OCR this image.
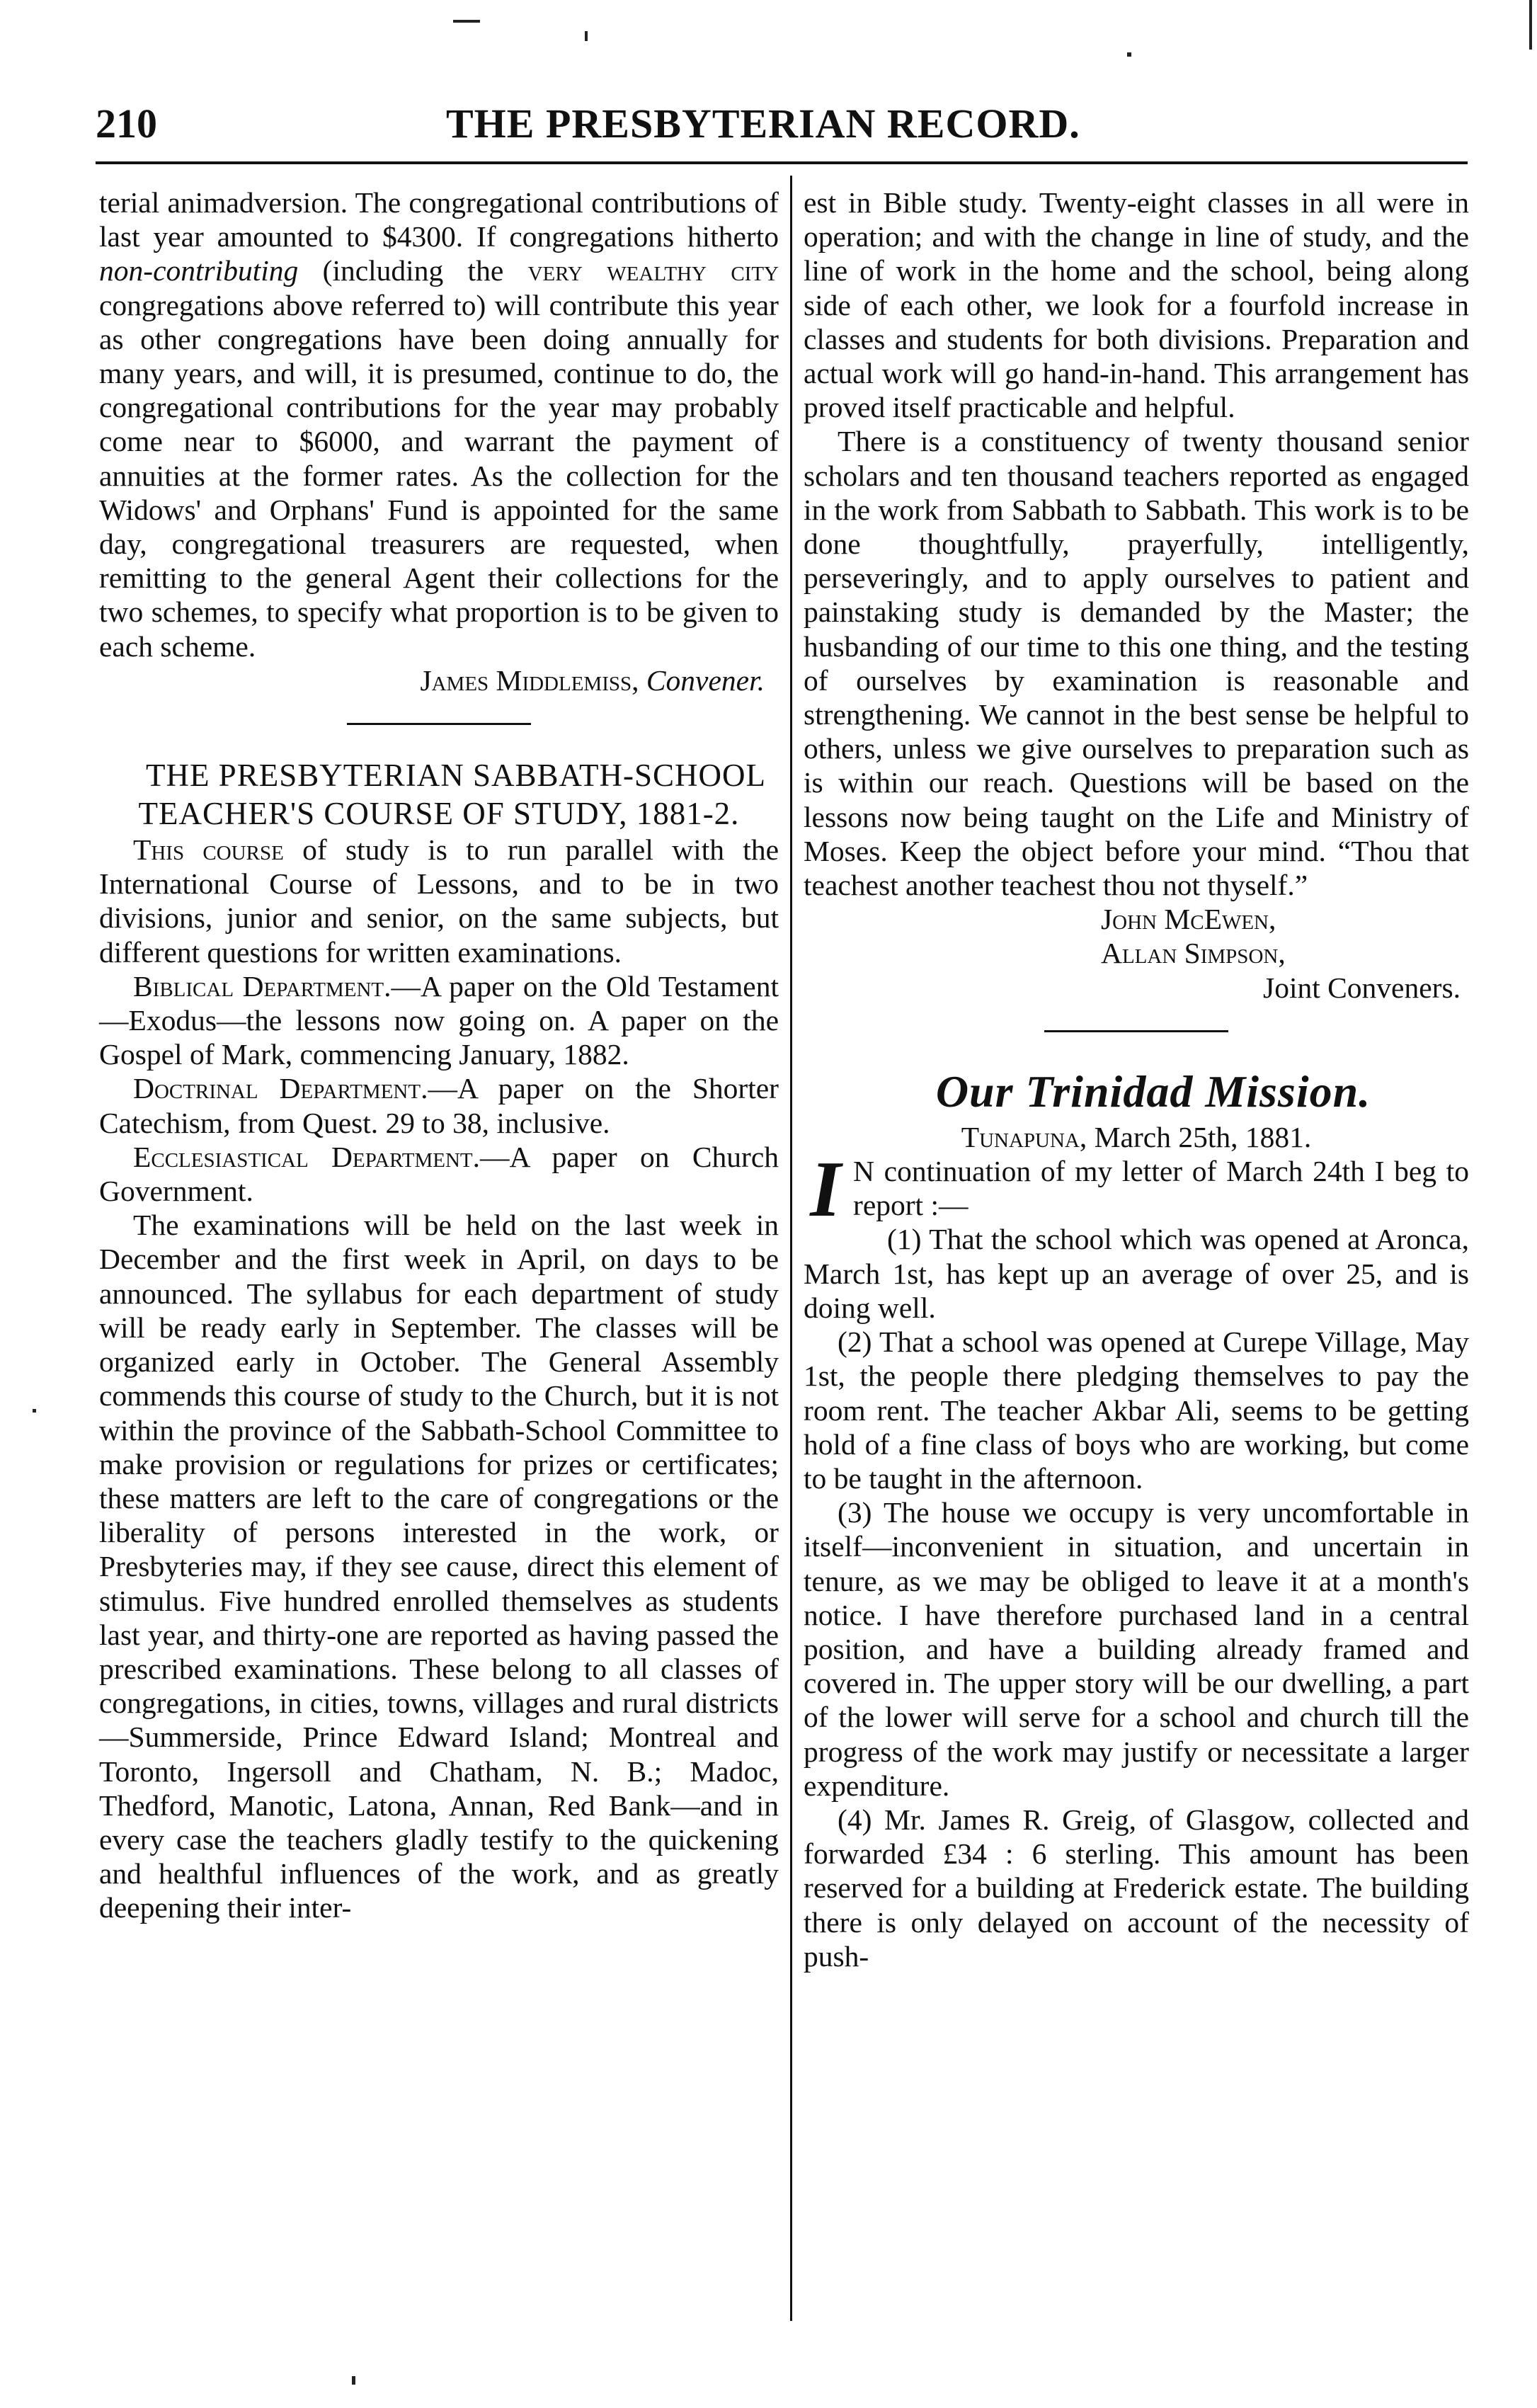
210	THE PRESBYTERIAN RECORD.

terial animadversion. The congregational contributions of last year amounted to $4300. If congregations hitherto non-contributing (including the very wealthy city congregations above referred to) will contribute this year as other congregations have been doing annually for many years, and will, it is presumed, continue to do, the congregational contributions for the year may probably come near to $6000, and warrant the payment of annuities at the former rates. As the collection for the Widows' and Orphans' Fund is appointed for the same day, congregational treasurers are requested, when remitting to the general Agent their collections for the two schemes, to specify what proportion is to be given to each scheme.

James Middlemiss, Convener.

THE PRESBYTERIAN SABBATH-SCHOOL TEACHER'S COURSE OF STUDY, 1881-2.

This course of study is to run parallel with the International Course of Lessons, and to be in two divisions, junior and senior, on the same subjects, but different questions for written examinations.

Biblical Department.—A paper on the Old Testament—Exodus—the lessons now going on. A paper on the Gospel of Mark, commencing January, 1882.

Doctrinal Department.—A paper on the Shorter Catechism, from Quest. 29 to 38, inclusive.

Ecclesiastical Department.—A paper on Church Government.

The examinations will be held on the last week in December and the first week in April, on days to be announced. The syllabus for each department of study will be ready early in September. The classes will be organized early in October. The General Assembly commends this course of study to the Church, but it is not within the province of the Sabbath-School Committee to make provision or regulations for prizes or certificates; these matters are left to the care of congregations or the liberality of persons interested in the work, or Presbyteries may, if they see cause, direct this element of stimulus. Five hundred enrolled themselves as students last year, and thirty-one are reported as having passed the prescribed examinations. These belong to all classes of congregations, in cities, towns, villages and rural districts—Summerside, Prince Edward Island; Montreal and Toronto, Ingersoll and Chatham, N. B.; Madoc, Thedford, Manotic, Latona, Annan, Red Bank—and in every case the teachers gladly testify to the quickening and healthful influences of the work, and as greatly deepening their inter-

est in Bible study. Twenty-eight classes in all were in operation; and with the change in line of study, and the line of work in the home and the school, being along side of each other, we look for a fourfold increase in classes and students for both divisions. Preparation and actual work will go hand-in-hand. This arrangement has proved itself practicable and helpful.

There is a constituency of twenty thousand senior scholars and ten thousand teachers reported as engaged in the work from Sabbath to Sabbath. This work is to be done thoughtfully, prayerfully, intelligently, perseveringly, and to apply ourselves to patient and painstaking study is demanded by the Master; the husbanding of our time to this one thing, and the testing of ourselves by examination is reasonable and strengthening. We cannot in the best sense be helpful to others, unless we give ourselves to preparation such as is within our reach. Questions will be based on the lessons now being taught on the Life and Ministry of Moses. Keep the object before your mind. “Thou that teachest another teachest thou not thyself.”

John McEwen,

Allan Simpson,

Joint Conveners.

Our Trinidad Mission.

Tunapuna, March 25th, 1881.

I N continuation of my letter of March 24th I beg to report :—

(1) That the school which was opened at Aronca, March 1st, has kept up an average of over 25, and is doing well.

(2) That a school was opened at Curepe Village, May 1st, the people there pledging themselves to pay the room rent. The teacher Akbar Ali, seems to be getting hold of a fine class of boys who are working, but come to be taught in the afternoon.

(3) The house we occupy is very uncomfortable in itself—inconvenient in situation, and uncertain in tenure, as we may be obliged to leave it at a month's notice. I have therefore purchased land in a central position, and have a building already framed and covered in. The upper story will be our dwelling, a part of the lower will serve for a school and church till the progress of the work may justify or necessitate a larger expenditure.

(4) Mr. James R. Greig, of Glasgow, collected and forwarded £34 : 6 sterling. This amount has been reserved for a building at Frederick estate. The building there is only delayed on account of the necessity of push-
